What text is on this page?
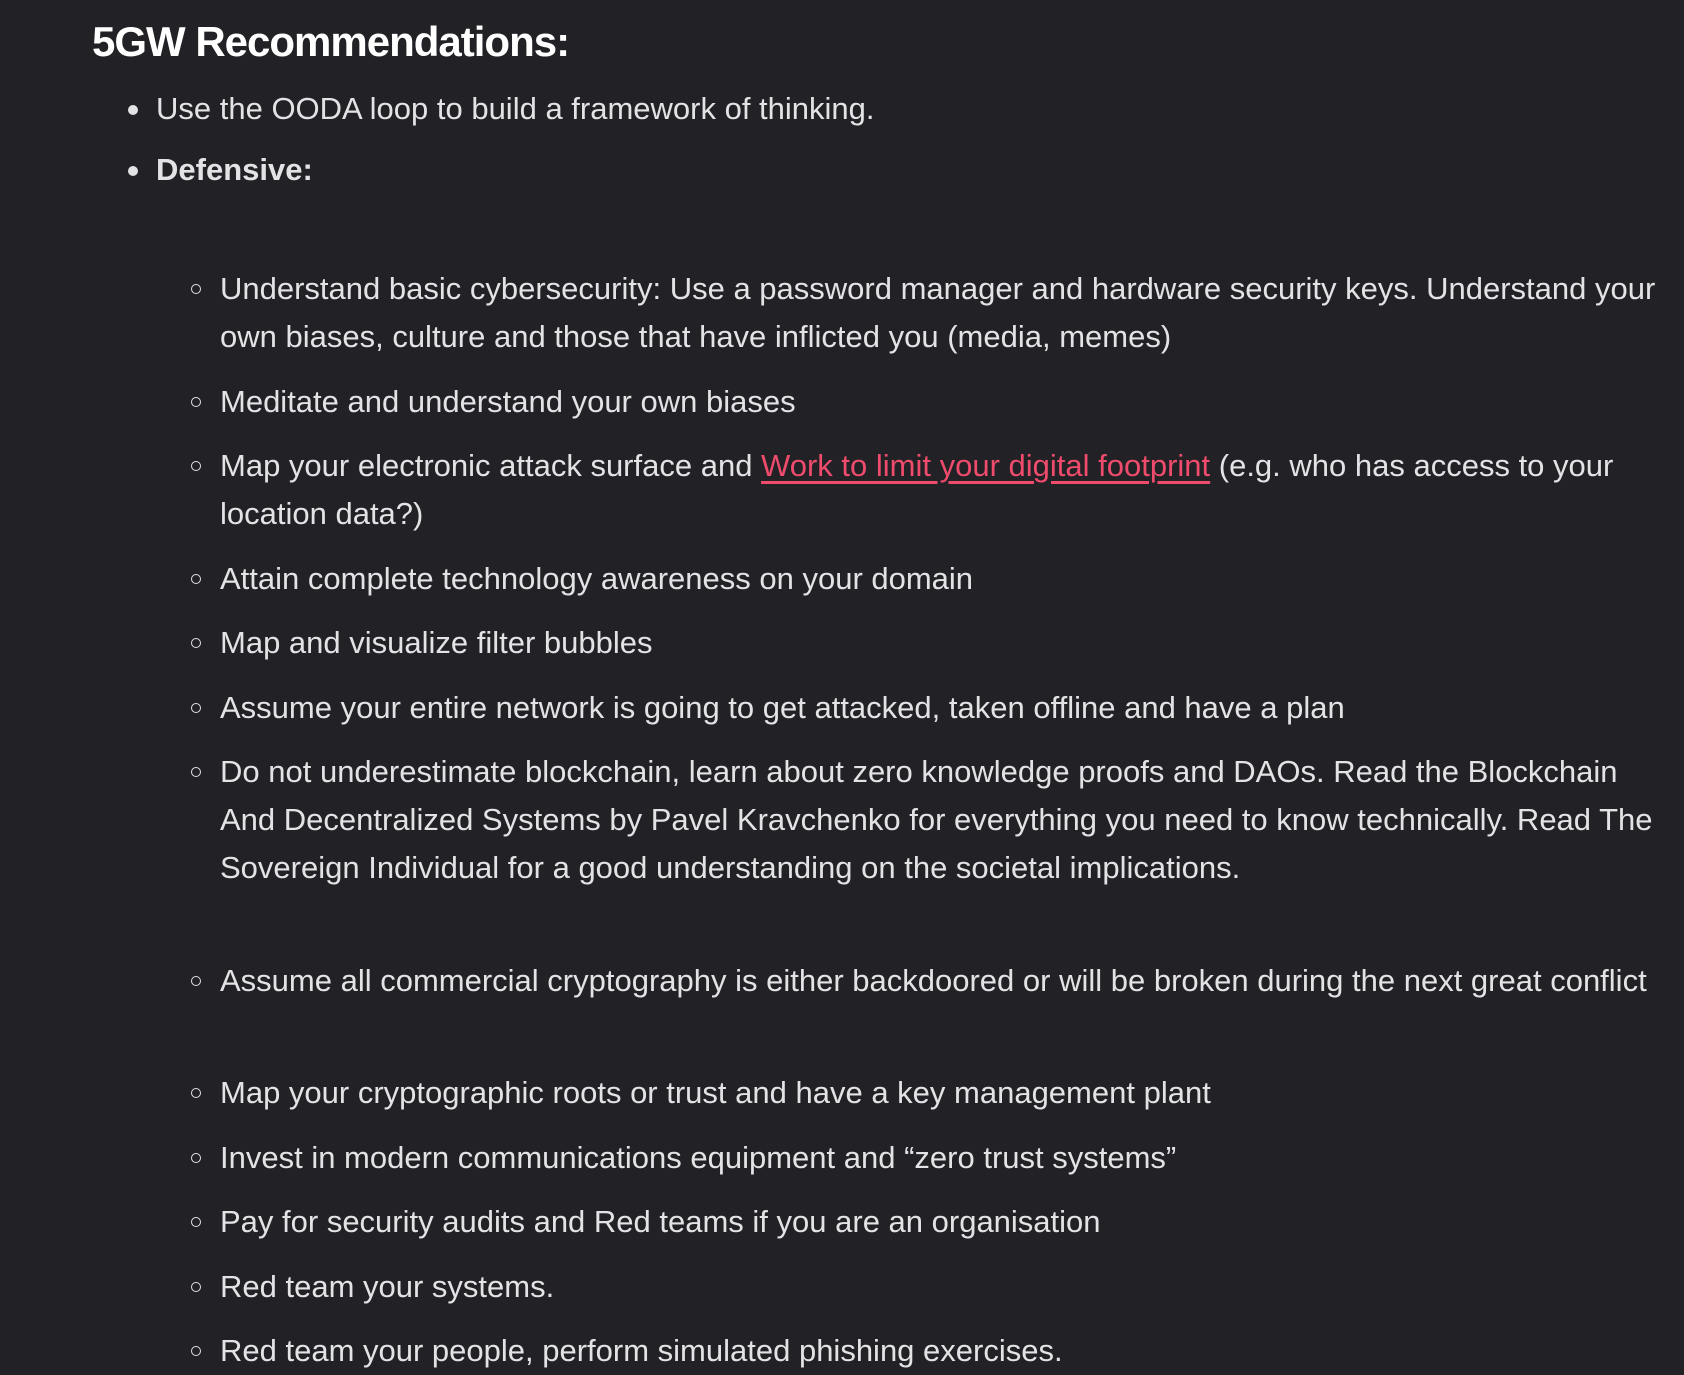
5GW Recommendations:
Use the OODA loop to build a framework of thinking.
Defensive:
Understand basic cybersecurity: Use a password manager and hardware security keys. Understand your own biases, culture and those that have inflicted you (media, memes)
Meditate and understand your own biases
Map your electronic attack surface and Work to limit your digital footprint (e.g. who has access to your location data?)
Attain complete technology awareness on your domain
Map and visualize filter bubbles
Assume your entire network is going to get attacked, taken offline and have a plan
Do not underestimate blockchain, learn about zero knowledge proofs and DAOs. Read the Blockchain And Decentralized Systems by Pavel Kravchenko for everything you need to know technically. Read The Sovereign Individual for a good understanding on the societal implications.
Assume all commercial cryptography is either backdoored or will be broken during the next great conflict
Map your cryptographic roots or trust and have a key management plant
Invest in modern communications equipment and “zero trust systems”
Pay for security audits and Red teams if you are an organisation
Red team your systems.
Red team your people, perform simulated phishing exercises.
